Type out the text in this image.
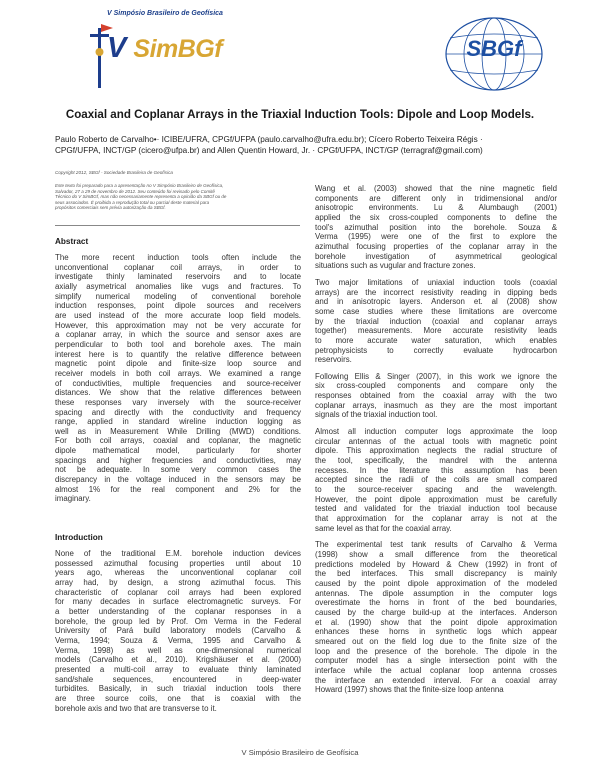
V Simpósio Brasileiro de Geofísica
V SimBGf	SBGf
Coaxial and Coplanar Arrays in the Triaxial Induction Tools: Dipole and Loop Models.
Paulo Roberto de Carvalho•· ICIBE/UFRA, CPGf/UFPA (paulo.carvalho@ufra.edu.br); Cícero Roberto Teixeira Régis ·
CPGf/UFPA, INCT/GP (cicero@ufpa.br) and Allen Quentin Howard, Jr. · CPGf/UFPA, INCT/GP (terragraf@gmail.com)
Copyright 2012, SBGf - Sociedade Brasileira de Geofísica
Este texto foi preparado para a apresentação no V Simpósio Brasileiro de Geofísica,
Salvador, 27 a 29 de novembro de 2012. Seu conteúdo foi revisado pelo Comitê
Técnico do V SimBGf, mas não necessariamente representa a opinião da SBGf ou de
seus associados. É proibida a reprodução total ou parcial deste material para
propósitos comerciais sem prévia autorização da SBGf.
Abstract
The more recent induction tools often include the
unconventional coplanar coil arrays, in order to
investigate thinly laminated reservoirs and to locate
axially asymetrical anomalies like vugs and fractures. To
simplify numerical modeling of conventional borehole
induction responses, point dipole sources and receivers
are used instead of the more accurate loop field models.
However, this approximation may not be very accurate for
a coplanar array, in which the source and sensor axes are
perpendicular to both tool and borehole axes. The main
interest here is to quantify the relative difference between
magnetic point dipole and finite-size loop source and
receiver models in both coil arrays. We examined a range
of conductivities, multiple frequencies and source-receiver
distances. We show that the relative differences between
these responses vary inversely with the source-receiver
spacing and directly with the conductivity and frequency
range, applied in standard wireline induction logging as
well as in Measurement While Drilling (MWD) conditions.
For both coil arrays, coaxial and coplanar, the magnetic
dipole mathematical model, particularly for shorter
spacings and higher frequencies and conductivities, may
not be adequate. In some very common cases the
discrepancy in the voltage induced in the sensors may be
almost 1% for the real component and 2% for the
imaginary.
Introduction
None of the traditional E.M. borehole induction devices
possessed azimuthal focusing properties until about 10
years ago, whereas the unconventional coplanar coil
array had, by design, a strong azimuthal focus. This
characteristic of coplanar coil arrays had been explored
for many decades in surface electromagnetic surveys. For
a better understanding of the coplanar responses in a
borehole, the group led by Prof. Om Verma in the Federal
University of Pará build laboratory models (Carvalho &
Verma, 1994; Souza & Verma, 1995 and Carvalho &
Verma, 1998) as well as one-dimensional numerical
models (Carvalho et al., 2010). Krigshäuser et al. (2000)
presented a multi-coil array to evaluate thinly laminated
sand/shale sequences, encountered in deep-water
turbidites. Basically, in such triaxial induction tools there
are three source coils, one that is coaxial with the
borehole axis and two that are transverse to it.

Wang et al. (2003) showed that the nine magnetic field
components are different only in tridimensional and/or
anisotropic environments. Lu & Alumbaugh (2001)
applied the six cross-coupled components to define the
tool's azimuthal position into the borehole. Souza &
Verma (1995) were one of the first to explore the
azimuthal focusing properties of the coplanar array in the
borehole investigation of asymmetrical geological
situations such as vugular and fracture zones.

Two major limitations of uniaxial induction tools (coaxial
arrays) are the incorrect resistivity reading in dipping beds
and in anisotropic layers. Anderson et. al (2008) show
some case studies where these limitations are overcome
by the triaxial induction (coaxial and coplanar arrays
together) measurements. More accurate resistivity leads
to more accurate water saturation, which enables
petrophysicists to correctly evaluate hydrocarbon
reservoirs.

Following Ellis & Singer (2007), in this work we ignore the
six cross-coupled components and compare only the
responses obtained from the coaxial array with the two
coplanar arrays, inasmuch as they are the most important
signals of the triaxial induction tool.

Almost all induction computer logs approximate the loop
circular antennas of the actual tools with magnetic point
dipole. This approximation neglects the radial structure of
the tool, specifically, the mandrel with the antenna
recesses. In the literature this assumption has been
accepted since the radii of the coils are small compared
to the source-receiver spacing and the wavelength.
However, the point dipole approximation must be carefully
tested and validated for the triaxial induction tool because
that approximation for the coplanar array is not at the
same level as that for the coaxial array.

The experimental test tank results of Carvalho & Verma
(1998) show a small difference from the theoretical
predictions modeled by Howard & Chew (1992) in front of
the bed interfaces. This small discrepancy is mainly
caused by the point dipole approximation of the modeled
antennas. The dipole assumption in the computer logs
overestimate the horns in front of the bed boundaries,
caused by the charge build-up at the interfaces. Anderson
et al. (1990) show that the point dipole approximation
enhances these horns in synthetic logs which appear
smeared out on the field log due to the finite size of the
loop and the presence of the borehole. The dipole in the
computer model has a single intersection point with the
interface while the actual coplanar loop antenna crosses
the interface an extended interval. For a coaxial array
Howard (1997) shows that the finite-size loop antenna

V Simpósio Brasileiro de Geofísica
